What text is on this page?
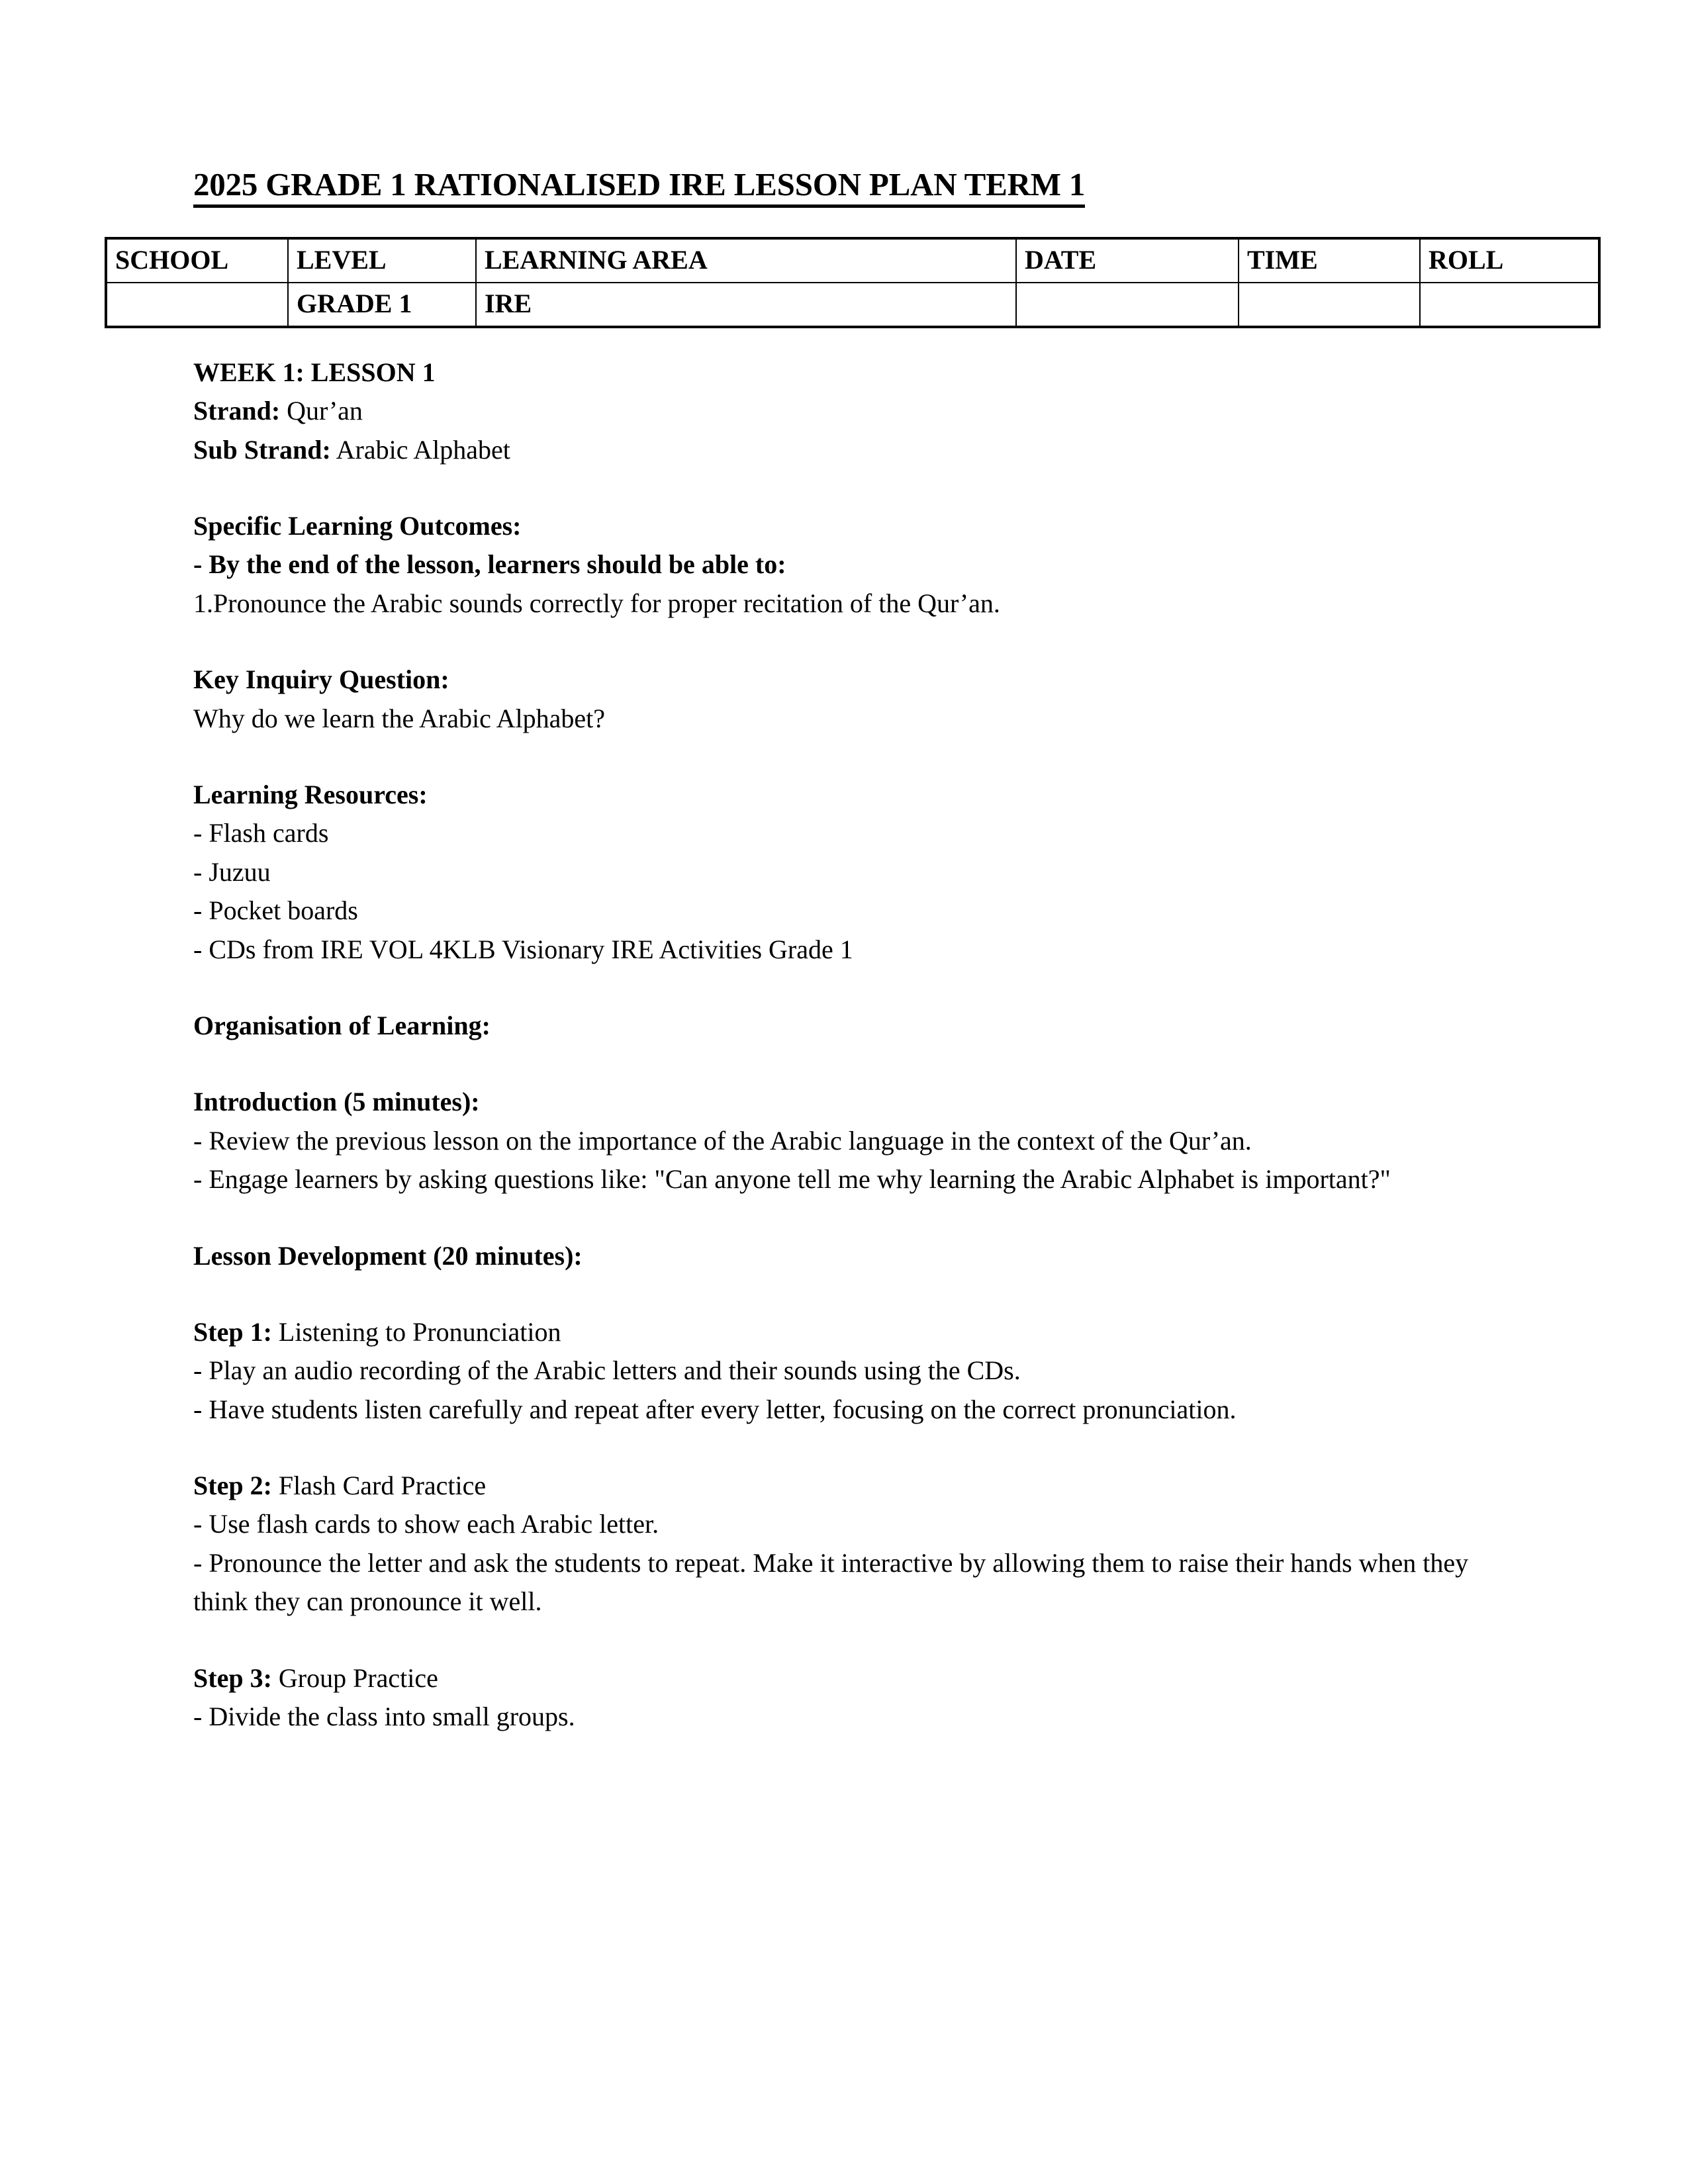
2025 GRADE 1 RATIONALISED IRE LESSON PLAN TERM 1
SCHOOL	LEVEL	LEARNING AREA	DATE	TIME	ROLL
	GRADE 1	IRE			

WEEK 1: LESSON 1

Strand: Qur’an

Sub Strand: Arabic Alphabet

Specific Learning Outcomes:

- By the end of the lesson, learners should be able to:

1.Pronounce the Arabic sounds correctly for proper recitation of the Qur’an.

Key Inquiry Question:

Why do we learn the Arabic Alphabet?

Learning Resources:

- Flash cards

- Juzuu

- Pocket boards

- CDs from IRE VOL 4KLB Visionary IRE Activities Grade 1

Organisation of Learning:

Introduction (5 minutes):

- Review the previous lesson on the importance of the Arabic language in the context of the Qur’an.

- Engage learners by asking questions like: "Can anyone tell me why learning the Arabic Alphabet is important?"

Lesson Development (20 minutes):

Step 1: Listening to Pronunciation

- Play an audio recording of the Arabic letters and their sounds using the CDs.

- Have students listen carefully and repeat after every letter, focusing on the correct pronunciation.

Step 2: Flash Card Practice

- Use flash cards to show each Arabic letter.

- Pronounce the letter and ask the students to repeat. Make it interactive by allowing them to raise their hands when they think they can pronounce it well.

Step 3: Group Practice

- Divide the class into small groups.
